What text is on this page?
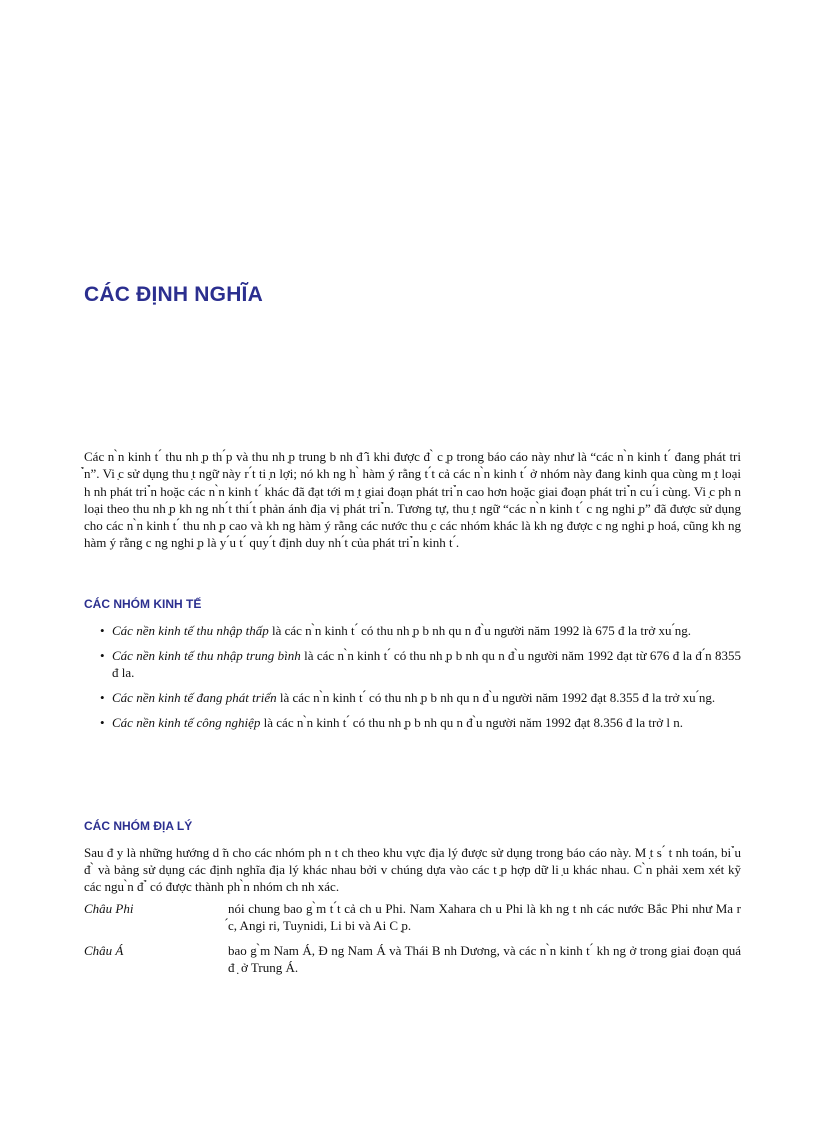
CÁC ĐỊNH NGHĨA

Các n ̀n kinh t ́ thu nh ̣p th ́p và thu nh ̣p trung b nh đ ̂i khi được đ ̀ c ̣p trong báo cáo này như là “các n ̀n kinh t ́ đang phát tri ̉n”. Vi ̣c sử dụng thu ̣t ngữ này r ́t ti ̣n lợi; nó kh ng h ̀ hàm ý rằng t ́t cả các n ̀n kinh t ́ ở nhóm này đang kinh qua cùng m ̣t loại h nh phát tri ̉n hoặc các n ̀n kinh t ́ khác đã đạt tới m ̣t giai đoạn phát tri ̉n cao hơn hoặc giai đoạn phát tri ̉n cu ́i cùng. Vi ̣c ph n loại theo thu nh ̣p kh ng nh ́t thi ́t phản ánh địa vị phát tri ̉n. Tương tự, thu ̣t ngữ “các n ̀n kinh t ́ c ng nghi ̣p” đã được sử dụng cho các n ̀n kinh t ́ thu nh ̣p cao và kh ng hàm ý rằng các nước thu ̣c các nhóm khác là kh ng được c ng nghi ̣p hoá, cũng kh ng hàm ý rằng c ng nghi ̣p là y ́u t ́ quy ́t định duy nh ́t của phát tri ̉n kinh t ́.

CÁC NHÓM KINH TẾ
• Các nền kinh tế thu nhập thấp là các n ̀n kinh t ́ có thu nh ̣p b nh qu n đ ̀u người năm 1992 là 675 đ la trở xu ́ng.
• Các nền kinh tế thu nhập trung bình là các n ̀n kinh t ́ có thu nh ̣p b nh qu n đ ̀u người năm 1992 đạt từ 676 đ la đ ́n 8355 đ la.
• Các nền kinh tế đang phát triển là các n ̀n kinh t ́ có thu nh ̣p b nh qu n đ ̀u người năm 1992 đạt 8.355 đ la trở xu ́ng.
• Các nền kinh tế công nghiệp là các n ̀n kinh t ́ có thu nh ̣p b nh qu n đ ̀u người năm 1992 đạt 8.356 đ la trở l n.
CÁC NHÓM ĐỊA LÝ

Sau đ y là những hướng d ̃n cho các nhóm ph n t ch theo khu vực địa lý được sử dụng trong báo cáo này. M ̣t s ́ t nh toán, bi ̉u đ ̀ và bảng sử dụng các định nghĩa địa lý khác nhau bởi v chúng dựa vào các t ̣p hợp dữ li ̣u khác nhau. C ̀n phải xem xét kỹ các ngu ̀n đ ̉ có được thành ph ̀n nhóm ch nh xác.

Châu Phi	nói chung bao g ̀m t ́t cả ch u Phi. Nam Xahara ch u Phi là kh ng t nh các nước Bắc Phi như Ma r ́c, Angi ri, Tuynidi, Li bi và Ai C ̣p.
Châu Á	bao g ̀m Nam Á, Đ ng Nam Á và Thái B nh Dương, và các n ̀n kinh t ́ kh ng ở trong giai đoạn quá đ ̣ ở Trung Á.
